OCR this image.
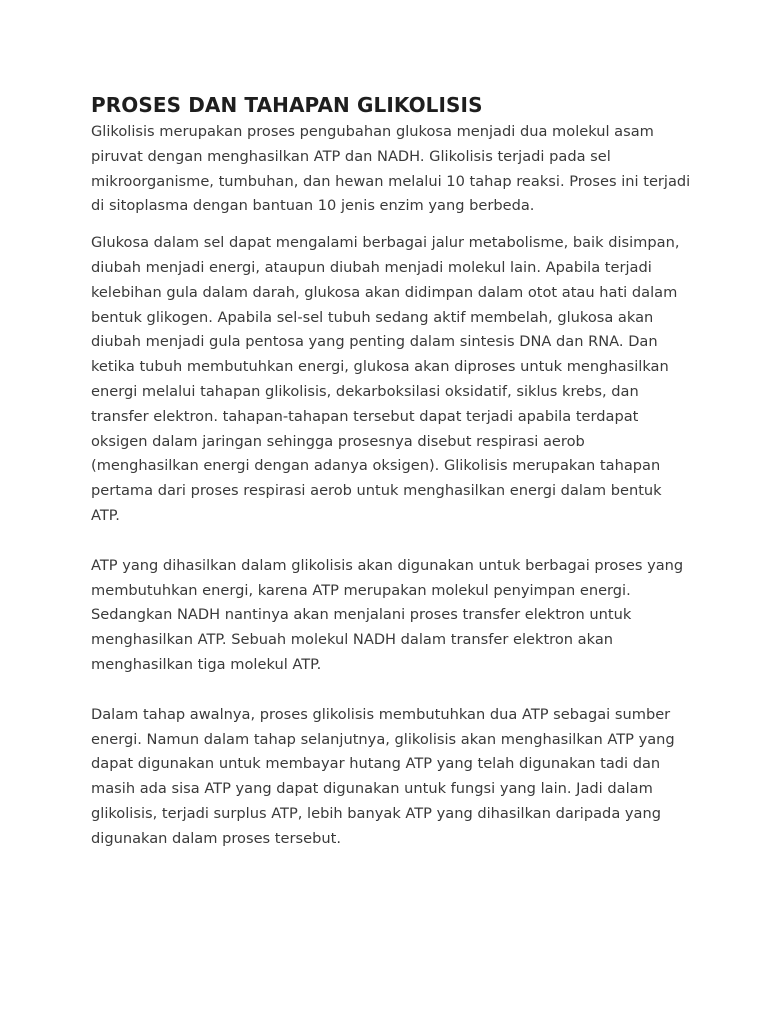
PROSES DAN TAHAPAN GLIKOLISIS

Glikolisis merupakan proses pengubahan glukosa menjadi dua molekul asam piruvat dengan menghasilkan ATP dan NADH. Glikolisis terjadi pada sel mikroorganisme, tumbuhan, dan hewan melalui 10 tahap reaksi. Proses ini terjadi di sitoplasma dengan bantuan 10 jenis enzim yang berbeda.

Glukosa dalam sel dapat mengalami berbagai jalur metabolisme, baik disimpan, diubah menjadi energi, ataupun diubah menjadi molekul lain. Apabila terjadi kelebihan gula dalam darah, glukosa akan didimpan dalam otot atau hati dalam bentuk glikogen. Apabila sel-sel tubuh sedang aktif membelah, glukosa akan diubah menjadi gula pentosa yang penting dalam sintesis DNA dan RNA. Dan ketika tubuh membutuhkan energi, glukosa akan diproses untuk menghasilkan energi melalui tahapan glikolisis, dekarboksilasi oksidatif, siklus krebs, dan transfer elektron. tahapan-tahapan tersebut dapat terjadi apabila terdapat oksigen dalam jaringan sehingga prosesnya disebut respirasi aerob (menghasilkan energi dengan adanya oksigen). Glikolisis merupakan tahapan pertama dari proses respirasi aerob untuk menghasilkan energi dalam bentuk ATP.

ATP yang dihasilkan dalam glikolisis akan digunakan untuk berbagai proses yang membutuhkan energi, karena ATP merupakan molekul penyimpan energi. Sedangkan NADH nantinya akan menjalani proses transfer elektron untuk menghasilkan ATP. Sebuah molekul NADH dalam transfer elektron akan menghasilkan tiga molekul ATP.

Dalam tahap awalnya, proses glikolisis membutuhkan dua ATP sebagai sumber energi. Namun dalam tahap selanjutnya, glikolisis akan menghasilkan ATP yang dapat digunakan untuk membayar hutang ATP yang telah digunakan tadi dan masih ada sisa ATP yang dapat digunakan untuk fungsi yang lain. Jadi dalam glikolisis, terjadi surplus ATP, lebih banyak ATP yang dihasilkan daripada yang digunakan dalam proses tersebut.
